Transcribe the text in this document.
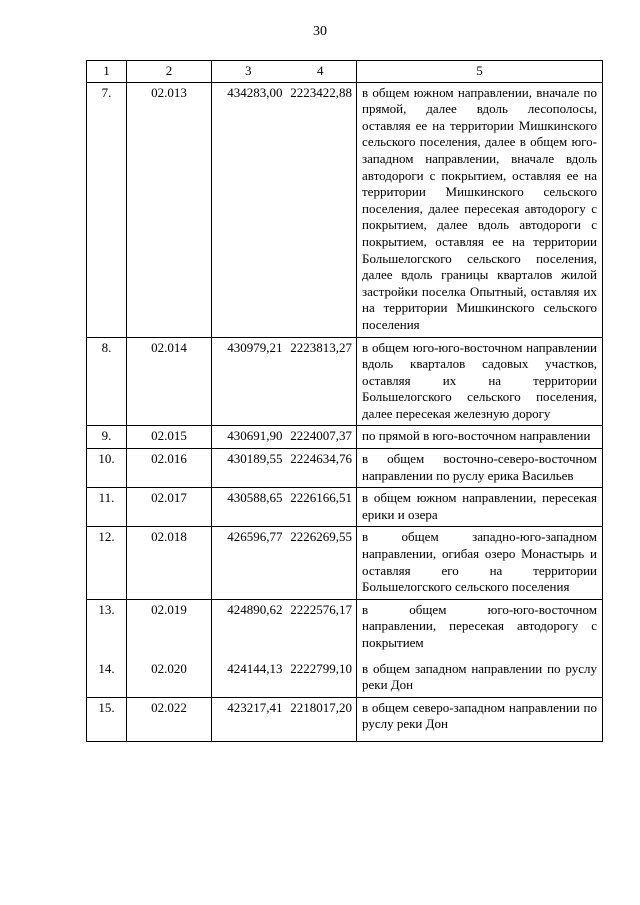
30
1	2	3	4	5
7.	02.013	434283,00	2223422,88	в общем южном направлении, вначале по прямой, далее вдоль лесополосы, оставляя ее на территории Мишкинского сельского поселения, далее в общем юго-западном направлении, вначале вдоль автодороги с покрытием, оставляя ее на территории Мишкинского сельского поселения, далее пересекая автодорогу с покрытием, далее вдоль автодороги с покрытием, оставляя ее на территории Большелогского сельского поселения, далее вдоль границы кварталов жилой застройки поселка Опытный, оставляя их на территории Мишкинского сельского поселения
8.	02.014	430979,21	2223813,27	в общем юго-юго-восточном направлении вдоль кварталов садовых участков, оставляя их на территории Большелогского сельского поселения, далее пересекая железную дорогу
9.	02.015	430691,90	2224007,37	по прямой в юго-восточном направлении
10.	02.016	430189,55	2224634,76	в общем восточно-северо-восточном направлении по руслу ерика Васильев
11.	02.017	430588,65	2226166,51	в общем южном направлении, пересекая ерики и озера
12.	02.018	426596,77	2226269,55	в общем западно-юго-западном направлении, огибая озеро Монастырь и оставляя его на территории Большелогского сельского поселения
13.	02.019	424890,62	2222576,17	в общем юго-юго-восточном направлении, пересекая автодорогу с покрытием
14.	02.020	424144,13	2222799,10	в общем западном направлении по руслу реки Дон
15.	02.022	423217,41	2218017,20	в общем северо-западном направлении по руслу реки Дон
